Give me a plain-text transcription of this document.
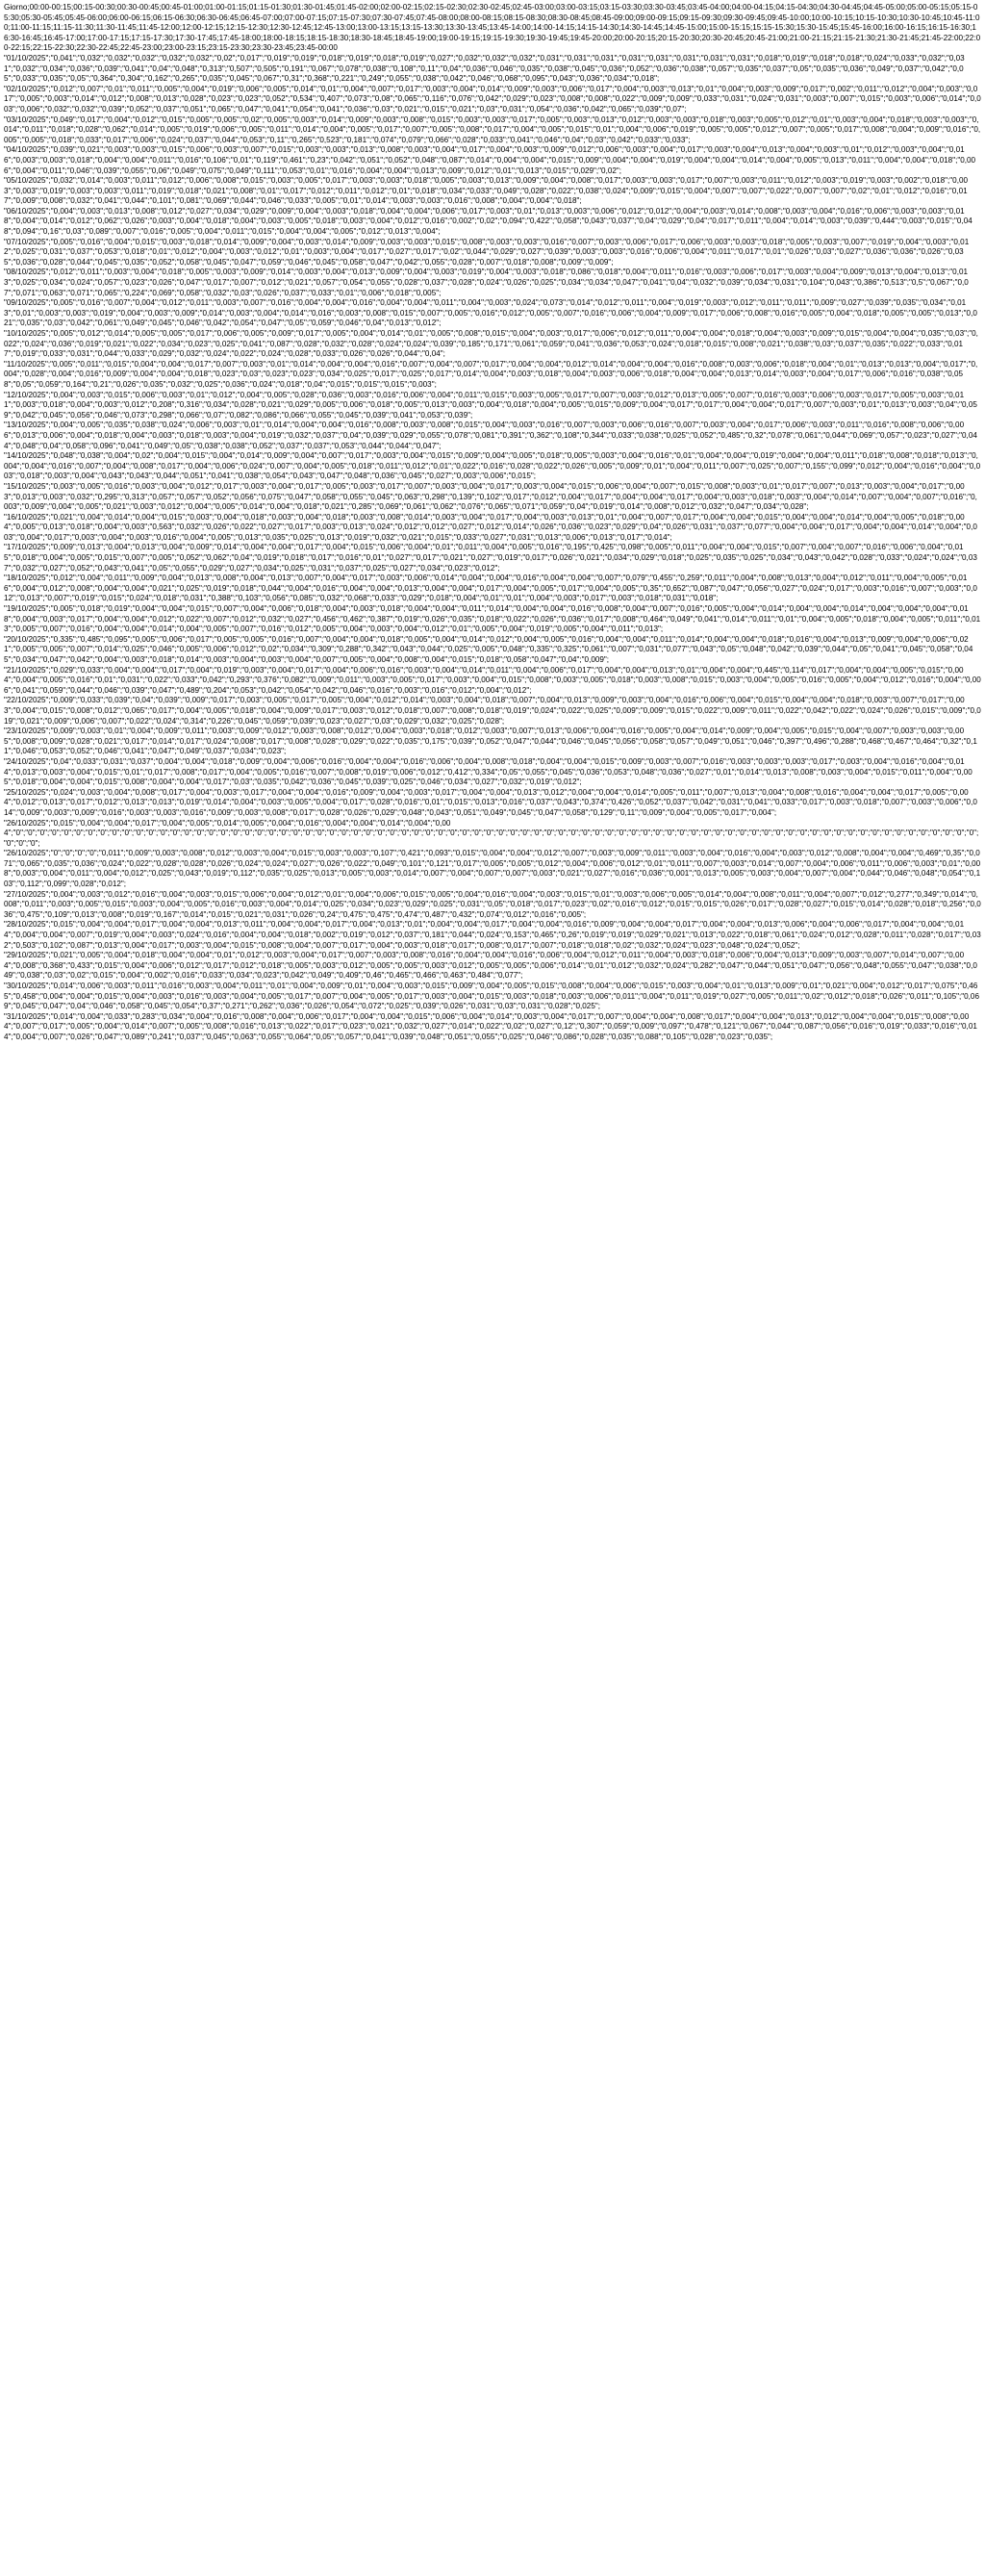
Giorno;00:00-00:15;00:15-00:30;00:30-00:45;00:45-01:00;01:00-01:15;01:15-01:30;01:30-01:45;01:45-02:00;02:00-02:15;02:15-02:30;02:30-02:45;02:45-03:00;03:00-03:15;03:15-03:30;03:30-03:45;03:45-04:00;04:00-04:15;04:15-04:30;04:30-04:45;04:45-05:00;05:00-05:15;05:15-05:30;05:30-05:45;05:45-06:00;06:00-06:15;06:15-06:30;06:30-06:45;06:45-07:00;07:00-07:15;07:15-07:30;07:30-07:45;07:45-08:00;08:00-08:15;08:15-08:30;08:30-08:45;08:45-09:00;09:00-09:15;09:15-09:30;09:30-09:45;09:45-10:00;10:00-10:15;10:15-10:30;10:30-10:45;10:45-11:00;11:00-11:15;11:15-11:30;11:30-11:45;11:45-12:00;12:00-12:15;12:15-12:30;12:30-12:45;12:45-13:00;13:00-13:15;13:15-13:30;13:30-13:45;13:45-14:00;14:00-14:15;14:15-14:30;14:30-14:45;14:45-15:00;15:00-15:15;15:15-15:30;15:30-15:45;15:45-16:00;16:00-16:15;16:15-16:30;16:30-16:45;16:45-17:00;17:00-17:15;17:15-17:30;17:30-17:45;17:45-18:00;18:00-18:15;18:15-18:30;18:30-18:45;18:45-19:00;19:00-19:15;19:15-19:30;19:30-19:45;19:45-20:00;20:00-20:15;20:15-20:30;20:30-20:45;20:45-21:00;21:00-21:15;21:15-21:30;21:30-21:45;21:45-22:00;22:00-22:15;22:15-22:30;22:30-22:45;22:45-23:00;23:00-23:15;23:15-23:30;23:30-23:45;23:45-00:00
"01/10/2025";"0,041";"0,032";"0,032";"0,032";"0,032";"0,032";"0,02";"0,017";"0,019";"0,019";"0,018";"0,019";"0,018";"0,019";"0,027";"0,032";"0,032";"0,032";"0,031";"0,031";"0,031";"0,031";"0,031";"0,031";"0,031";"0,031";"0,018";"0,019";"0,018";"0,018";"0,024";"0,033";"0,032";"0,031";"0,032";"0,034";"0,036";"0,039";"0,041";"0,04";"0,048";"0,313";"0,507";"0,505";"0,191";"0,067";"0,078";"0,038";"0,108";"0,11";"0,04";"0,036";"0,046";"0,035";"0,038";"0,045";"0,036";"0,052";"0,036";"0,038";"0,057";"0,035";"0,037";"0,05";"0,035";"0,036";"0,049";"0,037";"0,042";"0,05";"0,033";"0,035";"0,05";"0,364";"0,304";"0,162";"0,265";"0,035";"0,045";"0,067";"0,31";"0,368";"0,221";"0,249";"0,055";"0,038";"0,042";"0,046";"0,068";"0,095";"0,043";"0,036";"0,034";"0,018";
"02/10/2025";"0,012";"0,007";"0,01";"0,011";"0,005";"0,004";"0,019";"0,006";"0,005";"0,014";"0,01";"0,004";"0,007";"0,017";"0,003";"0,004";"0,014";"0,009";"0,003";"0,006";"0,017";"0,004";"0,003";"0,013";"0,01";"0,004";"0,003";"0,009";"0,017";"0,002";"0,011";"0,012";"0,004";"0,003";"0,017";"0,005";"0,003";"0,014";"0,012";"0,008";"0,013";"0,028";"0,023";"0,023";"0,052";"0,534";"0,407";"0,073";"0,08";"0,065";"0,116";"0,076";"0,042";"0,029";"0,023";"0,008";"0,008";"0,022";"0,009";"0,009";"0,033";"0,031";"0,024";"0,031";"0,003";"0,007";"0,015";"0,003";"0,006";"0,014";"0,003";"0,006";"0,032";"0,032";"0,039";"0,052";"0,037";"0,051";"0,065";"0,047";"0,041";"0,054";"0,041";"0,036";"0,03";"0,021";"0,015";"0,021";"0,03";"0,031";"0,054";"0,036";"0,042";"0,065";"0,039";"0,07";
"03/10/2025";"0,049";"0,017";"0,004";"0,012";"0,015";"0,005";"0,005";"0,02";"0,005";"0,003";"0,014";"0,009";"0,003";"0,008";"0,015";"0,003";"0,003";"0,017";"0,005";"0,003";"0,013";"0,012";"0,003";"0,003";"0,018";"0,003";"0,005";"0,012";"0,01";"0,003";"0,004";"0,018";"0,003";"0,003";"0,014";"0,011";"0,018";"0,028";"0,062";"0,014";"0,005";"0,019";"0,006";"0,005";"0,011";"0,014";"0,004";"0,005";"0,017";"0,007";"0,005";"0,008";"0,017";"0,004";"0,005";"0,015";"0,01";"0,004";"0,006";"0,019";"0,005";"0,005";"0,012";"0,007";"0,005";"0,017";"0,008";"0,004";"0,009";"0,016";"0,005";"0,005";"0,018";"0,033";"0,017";"0,006";"0,024";"0,037";"0,044";"0,053";"0,11";"0,265";"0,523";"0,181";"0,074";"0,079";"0,066";"0,028";"0,033";"0,041";"0,046";"0,04";"0,03";"0,042";"0,033";"0,033";
"04/10/2025";"0,039";"0,021";"0,003";"0,003";"0,015";"0,006";"0,003";"0,007";"0,015";"0,003";"0,003";"0,013";"0,008";"0,003";"0,004";"0,017";"0,004";"0,003";"0,009";"0,012";"0,006";"0,003";"0,004";"0,017";"0,003";"0,004";"0,013";"0,004";"0,003";"0,01";"0,012";"0,003";"0,004";"0,016";"0,003";"0,003";"0,018";"0,004";"0,004";"0,011";"0,016";"0,106";"0,01";"0,119";"0,461";"0,23";"0,042";"0,051";"0,052";"0,048";"0,087";"0,014";"0,004";"0,004";"0,015";"0,009";"0,004";"0,004";"0,019";"0,004";"0,004";"0,014";"0,004";"0,005";"0,013";"0,011";"0,004";"0,004";"0,018";"0,006";"0,004";"0,011";"0,046";"0,039";"0,055";"0,06";"0,049";"0,075";"0,049";"0,111";"0,053";"0,01";"0,016";"0,004";"0,004";"0,013";"0,009";"0,012";"0,01";"0,013";"0,015";"0,029";"0,02";
"05/10/2025";"0,032";"0,014";"0,003";"0,011";"0,012";"0,006";"0,008";"0,015";"0,003";"0,005";"0,017";"0,003";"0,003";"0,018";"0,005";"0,003";"0,013";"0,009";"0,004";"0,008";"0,017";"0,003";"0,003";"0,017";"0,007";"0,003";"0,011";"0,012";"0,003";"0,019";"0,003";"0,002";"0,018";"0,003";"0,003";"0,019";"0,003";"0,003";"0,011";"0,019";"0,018";"0,021";"0,008";"0,01";"0,017";"0,012";"0,011";"0,012";"0,01";"0,018";"0,034";"0,033";"0,049";"0,028";"0,022";"0,038";"0,024";"0,009";"0,015";"0,004";"0,007";"0,007";"0,022";"0,007";"0,007";"0,02";"0,01";"0,012";"0,016";"0,017";"0,009";"0,008";"0,032";"0,041";"0,044";"0,101";"0,081";"0,069";"0,044";"0,046";"0,033";"0,005";"0,01";"0,014";"0,003";"0,003";"0,016";"0,008";"0,004";"0,004";"0,018";
"06/10/2025";"0,004";"0,003";"0,013";"0,008";"0,012";"0,027";"0,034";"0,029";"0,009";"0,004";"0,003";"0,018";"0,004";"0,004";"0,006";"0,017";"0,003";"0,01";"0,013";"0,003";"0,006";"0,012";"0,012";"0,004";"0,003";"0,014";"0,008";"0,003";"0,004";"0,016";"0,006";"0,003";"0,003";"0,018";"0,004";"0,014";"0,012";"0,062";"0,026";"0,003";"0,004";"0,018";"0,004";"0,003";"0,005";"0,018";"0,003";"0,004";"0,012";"0,016";"0,002";"0,02";"0,094";"0,422";"0,058";"0,043";"0,037";"0,04";"0,029";"0,04";"0,017";"0,011";"0,004";"0,014";"0,003";"0,039";"0,444";"0,003";"0,015";"0,048";"0,094";"0,16";"0,03";"0,089";"0,007";"0,016";"0,005";"0,004";"0,011";"0,015";"0,004";"0,004";"0,005";"0,012";"0,013";"0,004";
"07/10/2025";"0,005";"0,016";"0,004";"0,015";"0,003";"0,018";"0,014";"0,009";"0,004";"0,003";"0,014";"0,009";"0,003";"0,003";"0,015";"0,008";"0,003";"0,003";"0,016";"0,007";"0,003";"0,006";"0,017";"0,006";"0,003";"0,003";"0,018";"0,005";"0,003";"0,007";"0,019";"0,004";"0,003";"0,012";"0,025";"0,031";"0,037";"0,053";"0,018";"0,01";"0,012";"0,004";"0,003";"0,012";"0,01";"0,003";"0,004";"0,017";"0,027";"0,017";"0,02";"0,044";"0,029";"0,027";"0,039";"0,003";"0,003";"0,016";"0,006";"0,004";"0,011";"0,017";"0,01";"0,026";"0,03";"0,027";"0,036";"0,036";"0,026";"0,035";"0,036";"0,028";"0,044";"0,045";"0,035";"0,052";"0,058";"0,045";"0,047";"0,059";"0,046";"0,045";"0,058";"0,047";"0,042";"0,055";"0,028";"0,007";"0,018";"0,008";"0,009";"0,009";
"08/10/2025";"0,012";"0,011";"0,003";"0,004";"0,018";"0,005";"0,003";"0,009";"0,014";"0,003";"0,004";"0,013";"0,009";"0,004";"0,003";"0,019";"0,004";"0,003";"0,018";"0,086";"0,018";"0,004";"0,011";"0,016";"0,003";"0,006";"0,017";"0,003";"0,004";"0,009";"0,013";"0,004";"0,013";"0,013";"0,025";"0,034";"0,024";"0,057";"0,023";"0,026";"0,047";"0,017";"0,007";"0,012";"0,021";"0,057";"0,054";"0,055";"0,028";"0,037";"0,028";"0,024";"0,026";"0,025";"0,034";"0,034";"0,047";"0,041";"0,04";"0,032";"0,039";"0,034";"0,031";"0,104";"0,043";"0,386";"0,513";"0,5";"0,067";"0,07";"0,071";"0,063";"0,071";"0,065";"0,224";"0,069";"0,058";"0,032";"0,03";"0,026";"0,037";"0,033";"0,01";"0,006";"0,018";"0,005";
"09/10/2025";"0,005";"0,016";"0,007";"0,004";"0,012";"0,011";"0,003";"0,007";"0,016";"0,004";"0,004";"0,016";"0,004";"0,004";"0,011";"0,004";"0,003";"0,024";"0,073";"0,014";"0,012";"0,011";"0,004";"0,019";"0,003";"0,012";"0,011";"0,011";"0,009";"0,027";"0,039";"0,035";"0,034";"0,013";"0,01";"0,003";"0,003";"0,019";"0,004";"0,003";"0,009";"0,014";"0,003";"0,004";"0,014";"0,016";"0,003";"0,008";"0,015";"0,007";"0,005";"0,016";"0,012";"0,005";"0,007";"0,016";"0,006";"0,004";"0,009";"0,017";"0,006";"0,008";"0,016";"0,005";"0,004";"0,018";"0,005";"0,005";"0,013";"0,021";"0,035";"0,03";"0,042";"0,061";"0,049";"0,045";"0,046";"0,042";"0,054";"0,047";"0,05";"0,059";"0,046";"0,04";"0,013";"0,012";
"10/10/2025";"0,005";"0,012";"0,014";"0,005";"0,005";"0,017";"0,006";"0,005";"0,009";"0,017";"0,005";"0,004";"0,014";"0,01";"0,005";"0,008";"0,015";"0,004";"0,003";"0,017";"0,006";"0,012";"0,011";"0,004";"0,004";"0,018";"0,004";"0,003";"0,009";"0,015";"0,004";"0,004";"0,035";"0,03";"0,022";"0,024";"0,036";"0,019";"0,021";"0,022";"0,034";"0,023";"0,025";"0,041";"0,087";"0,028";"0,032";"0,028";"0,024";"0,024";"0,039";"0,185";"0,171";"0,061";"0,059";"0,041";"0,036";"0,053";"0,024";"0,018";"0,015";"0,008";"0,021";"0,038";"0,03";"0,037";"0,035";"0,022";"0,033";"0,017";"0,019";"0,033";"0,031";"0,044";"0,033";"0,029";"0,032";"0,024";"0,022";"0,024";"0,028";"0,033";"0,026";"0,026";"0,044";"0,04";
"11/10/2025";"0,005";"0,011";"0,015";"0,004";"0,004";"0,017";"0,007";"0,003";"0,01";"0,014";"0,004";"0,004";"0,016";"0,007";"0,004";"0,007";"0,017";"0,004";"0,004";"0,012";"0,014";"0,004";"0,004";"0,016";"0,008";"0,003";"0,006";"0,018";"0,004";"0,01";"0,013";"0,013";"0,004";"0,017";"0,004";"0,028";"0,004";"0,016";"0,009";"0,004";"0,004";"0,018";"0,023";"0,03";"0,023";"0,023";"0,034";"0,025";"0,017";"0,025";"0,017";"0,014";"0,004";"0,003";"0,018";"0,004";"0,003";"0,006";"0,018";"0,004";"0,004";"0,013";"0,014";"0,003";"0,004";"0,017";"0,006";"0,016";"0,038";"0,058";"0,05";"0,059";"0,164";"0,21";"0,026";"0,035";"0,032";"0,025";"0,036";"0,024";"0,018";"0,04";"0,015";"0,015";"0,015";"0,003";
"12/10/2025";"0,004";"0,003";"0,015";"0,006";"0,003";"0,01";"0,012";"0,004";"0,005";"0,028";"0,036";"0,003";"0,016";"0,006";"0,004";"0,011";"0,015";"0,003";"0,005";"0,017";"0,007";"0,003";"0,012";"0,013";"0,005";"0,007";"0,016";"0,003";"0,006";"0,003";"0,017";"0,005";"0,003";"0,011";"0,003";"0,018";"0,004";"0,003";"0,012";"0,208";"0,316";"0,034";"0,028";"0,021";"0,029";"0,005";"0,006";"0,018";"0,005";"0,013";"0,003";"0,004";"0,018";"0,004";"0,005";"0,015";"0,009";"0,004";"0,017";"0,017";"0,004";"0,004";"0,017";"0,007";"0,003";"0,01";"0,013";"0,003";"0,04";"0,059";"0,042";"0,045";"0,056";"0,046";"0,073";"0,298";"0,066";"0,07";"0,082";"0,086";"0,066";"0,055";"0,045";"0,039";"0,041";"0,053";"0,039";
"13/10/2025";"0,004";"0,005";"0,035";"0,038";"0,024";"0,006";"0,003";"0,01";"0,014";"0,004";"0,004";"0,016";"0,008";"0,003";"0,008";"0,015";"0,004";"0,003";"0,016";"0,007";"0,003";"0,006";"0,016";"0,007";"0,003";"0,004";"0,017";"0,006";"0,003";"0,011";"0,016";"0,008";"0,006";"0,006";"0,013";"0,006";"0,004";"0,018";"0,004";"0,003";"0,018";"0,003";"0,004";"0,019";"0,032";"0,037";"0,04";"0,039";"0,029";"0,055";"0,078";"0,081";"0,391";"0,362";"0,108";"0,344";"0,033";"0,038";"0,025";"0,052";"0,485";"0,32";"0,078";"0,061";"0,044";"0,069";"0,057";"0,023";"0,027";"0,044";"0,048";"0,04";"0,058";"0,096";"0,041";"0,049";"0,05";"0,038";"0,038";"0,052";"0,037";"0,037";"0,053";"0,044";"0,044";"0,047";
"14/10/2025";"0,048";"0,038";"0,004";"0,02";"0,004";"0,015";"0,004";"0,014";"0,009";"0,004";"0,007";"0,017";"0,003";"0,004";"0,015";"0,009";"0,004";"0,005";"0,018";"0,005";"0,003";"0,004";"0,016";"0,01";"0,004";"0,004";"0,019";"0,004";"0,004";"0,011";"0,018";"0,008";"0,018";"0,013";"0,004";"0,004";"0,016";"0,007";"0,004";"0,008";"0,017";"0,004";"0,006";"0,024";"0,007";"0,004";"0,005";"0,018";"0,011";"0,012";"0,01";"0,022";"0,016";"0,028";"0,022";"0,026";"0,005";"0,009";"0,01";"0,004";"0,011";"0,007";"0,025";"0,007";"0,155";"0,099";"0,012";"0,004";"0,016";"0,004";"0,003";"0,018";"0,003";"0,004";"0,043";"0,043";"0,044";"0,051";"0,041";"0,038";"0,054";"0,043";"0,047";"0,048";"0,036";"0,045";"0,027";"0,003";"0,006";"0,015";
"15/10/2025";"0,003";"0,005";"0,016";"0,003";"0,004";"0,012";"0,017";"0,003";"0,004";"0,017";"0,005";"0,003";"0,017";"0,007";"0,003";"0,004";"0,017";"0,003";"0,004";"0,015";"0,006";"0,004";"0,007";"0,015";"0,008";"0,003";"0,01";"0,017";"0,007";"0,013";"0,003";"0,004";"0,017";"0,003";"0,013";"0,003";"0,032";"0,295";"0,313";"0,057";"0,057";"0,052";"0,056";"0,075";"0,047";"0,058";"0,055";"0,045";"0,063";"0,298";"0,139";"0,102";"0,017";"0,012";"0,004";"0,017";"0,004";"0,004";"0,017";"0,004";"0,003";"0,018";"0,003";"0,004";"0,014";"0,007";"0,004";"0,007";"0,016";"0,003";"0,009";"0,004";"0,005";"0,021";"0,003";"0,012";"0,004";"0,005";"0,014";"0,004";"0,018";"0,021";"0,285";"0,069";"0,061";"0,062";"0,076";"0,065";"0,071";"0,059";"0,04";"0,019";"0,014";"0,008";"0,012";"0,032";"0,047";"0,034";"0,028";
"16/10/2025";"0,021";"0,004";"0,014";"0,004";"0,015";"0,003";"0,004";"0,018";"0,003";"0,004";"0,018";"0,003";"0,008";"0,014";"0,003";"0,004";"0,017";"0,004";"0,003";"0,013";"0,01";"0,004";"0,007";"0,017";"0,004";"0,004";"0,015";"0,004";"0,004";"0,014";"0,004";"0,005";"0,018";"0,004";"0,005";"0,013";"0,018";"0,004";"0,003";"0,563";"0,032";"0,026";"0,022";"0,027";"0,017";"0,003";"0,013";"0,024";"0,012";"0,012";"0,027";"0,012";"0,014";"0,026";"0,036";"0,023";"0,029";"0,04";"0,026";"0,031";"0,037";"0,077";"0,004";"0,004";"0,017";"0,004";"0,004";"0,014";"0,004";"0,003";"0,004";"0,017";"0,003";"0,004";"0,003";"0,016";"0,004";"0,005";"0,013";"0,035";"0,025";"0,013";"0,019";"0,032";"0,021";"0,015";"0,033";"0,027";"0,031";"0,013";"0,006";"0,013";"0,017";"0,014";
"17/10/2025";"0,009";"0,013";"0,004";"0,013";"0,004";"0,009";"0,014";"0,004";"0,004";"0,017";"0,004";"0,015";"0,006";"0,004";"0,01";"0,011";"0,004";"0,005";"0,016";"0,195";"0,425";"0,098";"0,005";"0,011";"0,004";"0,004";"0,015";"0,007";"0,004";"0,007";"0,016";"0,006";"0,004";"0,015";"0,018";"0,004";"0,005";"0,015";"0,007";"0,005";"0,052";"0,062";"0,04";"0,019";"0,018";"0,017";"0,016";"0,01";"0,027";"0,017";"0,021";"0,027";"0,019";"0,017";"0,026";"0,021";"0,034";"0,029";"0,018";"0,025";"0,035";"0,025";"0,034";"0,043";"0,042";"0,028";"0,033";"0,024";"0,024";"0,037";"0,032";"0,027";"0,052";"0,043";"0,041";"0,05";"0,055";"0,029";"0,027";"0,034";"0,025";"0,031";"0,037";"0,025";"0,027";"0,034";"0,023";"0,012";
"18/10/2025";"0,012";"0,004";"0,011";"0,009";"0,004";"0,013";"0,008";"0,004";"0,013";"0,007";"0,004";"0,017";"0,003";"0,006";"0,014";"0,004";"0,004";"0,016";"0,004";"0,004";"0,007";"0,079";"0,455";"0,259";"0,011";"0,004";"0,008";"0,013";"0,004";"0,012";"0,011";"0,004";"0,005";"0,016";"0,004";"0,012";"0,008";"0,004";"0,004";"0,021";"0,025";"0,019";"0,018";"0,044";"0,004";"0,016";"0,004";"0,004";"0,013";"0,004";"0,004";"0,017";"0,004";"0,005";"0,017";"0,004";"0,005";"0,35";"0,652";"0,087";"0,047";"0,056";"0,027";"0,024";"0,017";"0,003";"0,016";"0,007";"0,003";"0,012";"0,013";"0,007";"0,019";"0,015";"0,024";"0,018";"0,031";"0,388";"0,103";"0,056";"0,085";"0,032";"0,068";"0,033";"0,029";"0,018";"0,004";"0,01";"0,01";"0,004";"0,003";"0,017";"0,003";"0,018";"0,031";"0,018";
"19/10/2025";"0,005";"0,018";"0,019";"0,004";"0,004";"0,015";"0,007";"0,004";"0,006";"0,018";"0,004";"0,003";"0,018";"0,004";"0,004";"0,011";"0,014";"0,004";"0,004";"0,016";"0,008";"0,004";"0,007";"0,016";"0,005";"0,004";"0,014";"0,004";"0,004";"0,014";"0,004";"0,004";"0,004";"0,018";"0,004";"0,003";"0,017";"0,004";"0,004";"0,012";"0,022";"0,007";"0,012";"0,032";"0,027";"0,456";"0,462";"0,387";"0,019";"0,026";"0,035";"0,018";"0,022";"0,026";"0,036";"0,017";"0,008";"0,464";"0,049";"0,041";"0,014";"0,011";"0,01";"0,004";"0,005";"0,018";"0,004";"0,005";"0,011";"0,013";"0,005";"0,007";"0,016";"0,004";"0,004";"0,014";"0,004";"0,005";"0,007";"0,016";"0,012";"0,005";"0,004";"0,003";"0,004";"0,012";"0,01";"0,005";"0,004";"0,019";"0,005";"0,004";"0,011";"0,013";
"20/10/2025";"0,335";"0,485";"0,095";"0,005";"0,006";"0,017";"0,005";"0,005";"0,016";"0,007";"0,004";"0,004";"0,018";"0,005";"0,004";"0,014";"0,012";"0,004";"0,005";"0,016";"0,004";"0,004";"0,011";"0,014";"0,004";"0,004";"0,018";"0,016";"0,004";"0,013";"0,009";"0,004";"0,006";"0,021";"0,005";"0,005";"0,007";"0,014";"0,025";"0,046";"0,005";"0,006";"0,012";"0,02";"0,034";"0,309";"0,288";"0,342";"0,043";"0,044";"0,025";"0,005";"0,048";"0,335";"0,325";"0,061";"0,007";"0,031";"0,077";"0,043";"0,05";"0,048";"0,042";"0,039";"0,044";"0,05";"0,041";"0,045";"0,058";"0,045";"0,034";"0,047";"0,042";"0,004";"0,003";"0,018";"0,014";"0,003";"0,004";"0,003";"0,004";"0,007";"0,005";"0,004";"0,008";"0,004";"0,015";"0,018";"0,058";"0,047";"0,04";"0,009";
"21/10/2025";"0,029";"0,033";"0,004";"0,004";"0,017";"0,004";"0,019";"0,003";"0,004";"0,017";"0,004";"0,006";"0,016";"0,003";"0,004";"0,014";"0,011";"0,004";"0,006";"0,017";"0,004";"0,004";"0,013";"0,01";"0,004";"0,004";"0,445";"0,114";"0,017";"0,004";"0,004";"0,005";"0,015";"0,004";"0,004";"0,005";"0,016";"0,01";"0,031";"0,022";"0,033";"0,042";"0,293";"0,376";"0,082";"0,009";"0,011";"0,003";"0,005";"0,017";"0,003";"0,004";"0,015";"0,008";"0,003";"0,005";"0,018";"0,003";"0,008";"0,015";"0,003";"0,004";"0,005";"0,016";"0,005";"0,004";"0,012";"0,016";"0,004";"0,006";"0,041";"0,059";"0,044";"0,046";"0,039";"0,047";"0,489";"0,204";"0,053";"0,042";"0,054";"0,042";"0,046";"0,016";"0,003";"0,016";"0,012";"0,004";"0,012";
"22/10/2025";"0,009";"0,033";"0,039";"0,04";"0,039";"0,009";"0,017";"0,003";"0,005";"0,017";"0,005";"0,004";"0,012";"0,014";"0,003";"0,004";"0,018";"0,007";"0,004";"0,013";"0,009";"0,003";"0,004";"0,016";"0,006";"0,004";"0,015";"0,004";"0,004";"0,018";"0,003";"0,007";"0,017";"0,003";"0,004";"0,015";"0,008";"0,012";"0,065";"0,017";"0,004";"0,005";"0,018";"0,004";"0,009";"0,017";"0,003";"0,012";"0,018";"0,007";"0,008";"0,018";"0,019";"0,024";"0,022";"0,025";"0,009";"0,009";"0,015";"0,022";"0,009";"0,011";"0,022";"0,042";"0,022";"0,024";"0,026";"0,015";"0,009";"0,019";"0,021";"0,009";"0,006";"0,007";"0,022";"0,024";"0,314";"0,226";"0,045";"0,059";"0,039";"0,023";"0,027";"0,03";"0,029";"0,032";"0,025";"0,028";
"23/10/2025";"0,009";"0,003";"0,01";"0,004";"0,009";"0,011";"0,003";"0,009";"0,012";"0,003";"0,008";"0,012";"0,004";"0,003";"0,018";"0,012";"0,003";"0,007";"0,013";"0,006";"0,004";"0,016";"0,005";"0,004";"0,014";"0,009";"0,004";"0,005";"0,015";"0,004";"0,007";"0,003";"0,003";"0,005";"0,008";"0,009";"0,028";"0,021";"0,017";"0,014";"0,017";"0,024";"0,008";"0,017";"0,008";"0,028";"0,029";"0,022";"0,035";"0,175";"0,039";"0,052";"0,047";"0,044";"0,046";"0,045";"0,056";"0,058";"0,057";"0,049";"0,051";"0,046";"0,397";"0,496";"0,288";"0,468";"0,467";"0,464";"0,32";"0,11";"0,046";"0,053";"0,052";"0,046";"0,041";"0,047";"0,049";"0,037";"0,034";"0,023";
"24/10/2025";"0,04";"0,033";"0,031";"0,037";"0,004";"0,004";"0,018";"0,009";"0,004";"0,006";"0,016";"0,004";"0,004";"0,016";"0,006";"0,004";"0,008";"0,018";"0,004";"0,004";"0,015";"0,009";"0,003";"0,007";"0,016";"0,003";"0,003";"0,003";"0,017";"0,003";"0,004";"0,016";"0,004";"0,014";"0,013";"0,003";"0,004";"0,015";"0,01";"0,017";"0,008";"0,017";"0,004";"0,005";"0,016";"0,007";"0,008";"0,019";"0,006";"0,012";"0,412";"0,334";"0,05";"0,055";"0,045";"0,036";"0,053";"0,048";"0,036";"0,027";"0,01";"0,014";"0,013";"0,008";"0,003";"0,004";"0,015";"0,011";"0,004";"0,005";"0,018";"0,004";"0,004";"0,015";"0,008";"0,004";"0,004";"0,017";"0,03";"0,035";"0,042";"0,036";"0,045";"0,039";"0,025";"0,046";"0,034";"0,027";"0,032";"0,019";"0,012";
"25/10/2025";"0,024";"0,003";"0,004";"0,008";"0,017";"0,004";"0,003";"0,017";"0,004";"0,004";"0,016";"0,009";"0,004";"0,003";"0,017";"0,004";"0,004";"0,013";"0,012";"0,004";"0,004";"0,014";"0,005";"0,011";"0,007";"0,013";"0,004";"0,008";"0,016";"0,004";"0,004";"0,017";"0,005";"0,004";"0,012";"0,013";"0,017";"0,012";"0,013";"0,013";"0,019";"0,014";"0,004";"0,003";"0,005";"0,004";"0,017";"0,028";"0,016";"0,01";"0,015";"0,013";"0,016";"0,037";"0,043";"0,374";"0,426";"0,052";"0,037";"0,042";"0,031";"0,041";"0,033";"0,017";"0,003";"0,018";"0,007";"0,003";"0,006";"0,014";"0,009";"0,003";"0,009";"0,016";"0,003";"0,003";"0,016";"0,009";"0,003";"0,008";"0,017";"0,028";"0,026";"0,029";"0,048";"0,043";"0,051";"0,049";"0,045";"0,047";"0,058";"0,129";"0,11";"0,009";"0,004";"0,005";"0,017";"0,004";
"26/10/2025";"0,015";"0,004";"0,004";"0,017";"0,004";"0,005";"0,014";"0,005";"0,004";"0,016";"0,004";"0,004";"0,014";"0,004";"0,004";"0";"0";"0";"0";"0";"0";"0";"0";"0";"0";"0";"0";"0";"0";"0";"0";"0";"0";"0";"0";"0";"0";"0";"0";"0";"0";"0";"0";"0";"0";"0";"0";"0";"0";"0";"0";"0";"0";"0";"0";"0";"0";"0";"0";"0";"0";"0";"0";"0";"0";"0";"0";"0";"0";"0";"0";"0";"0";"0";"0";"0";"0";"0";"0";"0";"0";"0";"0";"0";"0";"0";"0";"0";"0";"0";"0";"0";"0";"0";"0";"0";"0";"0";
"26/10/2025";"0";"0";"0";"0";"0,011";"0,009";"0,003";"0,008";"0,012";"0,003";"0,004";"0,015";"0,003";"0,003";"0,107";"0,421";"0,093";"0,015";"0,004";"0,004";"0,012";"0,007";"0,003";"0,009";"0,011";"0,003";"0,004";"0,016";"0,004";"0,003";"0,012";"0,008";"0,004";"0,004";"0,469";"0,35";"0,071";"0,065";"0,035";"0,036";"0,024";"0,022";"0,028";"0,028";"0,026";"0,024";"0,024";"0,027";"0,026";"0,022";"0,049";"0,101";"0,121";"0,017";"0,005";"0,005";"0,012";"0,004";"0,006";"0,012";"0,01";"0,011";"0,007";"0,003";"0,014";"0,007";"0,004";"0,006";"0,011";"0,006";"0,003";"0,01";"0,008";"0,003";"0,004";"0,011";"0,004";"0,012";"0,025";"0,043";"0,019";"0,112";"0,035";"0,025";"0,013";"0,005";"0,003";"0,014";"0,007";"0,004";"0,007";"0,007";"0,003";"0,021";"0,027";"0,016";"0,036";"0,001";"0,013";"0,005";"0,003";"0,004";"0,007";"0,004";"0,044";"0,046";"0,048";"0,054";"0,103";"0,112";"0,099";"0,028";"0,012";
"27/10/2025";"0,004";"0,003";"0,012";"0,016";"0,004";"0,003";"0,015";"0,006";"0,004";"0,012";"0,01";"0,004";"0,006";"0,015";"0,005";"0,004";"0,016";"0,004";"0,003";"0,015";"0,01";"0,003";"0,006";"0,005";"0,014";"0,004";"0,008";"0,011";"0,004";"0,007";"0,012";"0,277";"0,349";"0,014";"0,008";"0,011";"0,003";"0,005";"0,015";"0,003";"0,004";"0,005";"0,016";"0,003";"0,004";"0,014";"0,025";"0,034";"0,023";"0,029";"0,025";"0,031";"0,05";"0,018";"0,017";"0,023";"0,02";"0,016";"0,012";"0,015";"0,015";"0,026";"0,017";"0,028";"0,027";"0,015";"0,014";"0,028";"0,018";"0,256";"0,036";"0,475";"0,109";"0,013";"0,008";"0,019";"0,167";"0,014";"0,015";"0,021";"0,031";"0,026";"0,24";"0,475";"0,475";"0,474";"0,487";"0,432";"0,074";"0,012";"0,016";"0,005";
"28/10/2025";"0,015";"0,004";"0,004";"0,017";"0,004";"0,004";"0,013";"0,011";"0,004";"0,004";"0,017";"0,004";"0,013";"0,01";"0,004";"0,004";"0,017";"0,004";"0,004";"0,016";"0,009";"0,004";"0,004";"0,017";"0,004";"0,004";"0,013";"0,006";"0,004";"0,006";"0,017";"0,004";"0,004";"0,014";"0,004";"0,004";"0,007";"0,019";"0,004";"0,003";"0,024";"0,016";"0,004";"0,004";"0,018";"0,002";"0,019";"0,012";"0,037";"0,181";"0,044";"0,024";"0,153";"0,465";"0,26";"0,019";"0,019";"0,029";"0,021";"0,013";"0,022";"0,018";"0,061";"0,024";"0,012";"0,028";"0,011";"0,028";"0,017";"0,032";"0,503";"0,102";"0,087";"0,013";"0,004";"0,017";"0,003";"0,004";"0,015";"0,008";"0,004";"0,007";"0,017";"0,004";"0,003";"0,018";"0,017";"0,008";"0,017";"0,007";"0,018";"0,018";"0,02";"0,032";"0,024";"0,023";"0,048";"0,024";"0,052";
"29/10/2025";"0,021";"0,005";"0,004";"0,018";"0,004";"0,004";"0,01";"0,012";"0,003";"0,004";"0,017";"0,007";"0,003";"0,008";"0,016";"0,004";"0,004";"0,016";"0,006";"0,004";"0,012";"0,011";"0,004";"0,003";"0,018";"0,006";"0,004";"0,013";"0,009";"0,003";"0,007";"0,014";"0,007";"0,004";"0,008";"0,368";"0,433";"0,015";"0,004";"0,006";"0,012";"0,017";"0,012";"0,018";"0,005";"0,003";"0,012";"0,005";"0,005";"0,003";"0,012";"0,005";"0,005";"0,006";"0,014";"0,01";"0,012";"0,032";"0,024";"0,282";"0,047";"0,044";"0,051";"0,047";"0,056";"0,048";"0,055";"0,047";"0,038";"0,049";"0,038";"0,03";"0,02";"0,015";"0,004";"0,002";"0,016";"0,033";"0,034";"0,023";"0,042";"0,049";"0,409";"0,46";"0,465";"0,466";"0,463";"0,484";"0,077";
"30/10/2025";"0,014";"0,006";"0,003";"0,011";"0,016";"0,003";"0,004";"0,011";"0,01";"0,004";"0,009";"0,01";"0,004";"0,003";"0,015";"0,009";"0,004";"0,005";"0,015";"0,008";"0,004";"0,006";"0,015";"0,003";"0,004";"0,01";"0,013";"0,009";"0,01";"0,021";"0,004";"0,012";"0,017";"0,075";"0,465";"0,458";"0,004";"0,004";"0,015";"0,004";"0,003";"0,016";"0,003";"0,004";"0,005";"0,017";"0,007";"0,004";"0,005";"0,017";"0,003";"0,004";"0,015";"0,003";"0,018";"0,003";"0,006";"0,011";"0,004";"0,011";"0,019";"0,027";"0,005";"0,011";"0,02";"0,012";"0,018";"0,026";"0,011";"0,105";"0,069";"0,045";"0,047";"0,04";"0,046";"0,058";"0,045";"0,054";"0,37";"0,271";"0,262";"0,036";"0,026";"0,054";"0,072";"0,025";"0,039";"0,026";"0,031";"0,03";"0,031";"0,028";"0,025";
"31/10/2025";"0,014";"0,004";"0,033";"0,283";"0,034";"0,004";"0,016";"0,008";"0,004";"0,006";"0,017";"0,004";"0,004";"0,015";"0,006";"0,004";"0,014";"0,003";"0,004";"0,017";"0,007";"0,004";"0,004";"0,008";"0,017";"0,004";"0,004";"0,013";"0,012";"0,004";"0,004";"0,015";"0,008";"0,004";"0,007";"0,017";"0,005";"0,004";"0,014";"0,007";"0,005";"0,008";"0,016";"0,013";"0,022";"0,017";"0,023";"0,021";"0,032";"0,027";"0,014";"0,022";"0,02";"0,027";"0,12";"0,307";"0,059";"0,009";"0,097";"0,478";"0,121";"0,067";"0,044";"0,087";"0,056";"0,016";"0,019";"0,033";"0,016";"0,014";"0,004";"0,007";"0,026";"0,047";"0,089";"0,241";"0,037";"0,045";"0,063";"0,055";"0,064";"0,05";"0,057";"0,041";"0,039";"0,048";"0,051";"0,055";"0,025";"0,046";"0,086";"0,028";"0,035";"0,088";"0,105";"0,028";"0,023";"0,035";
